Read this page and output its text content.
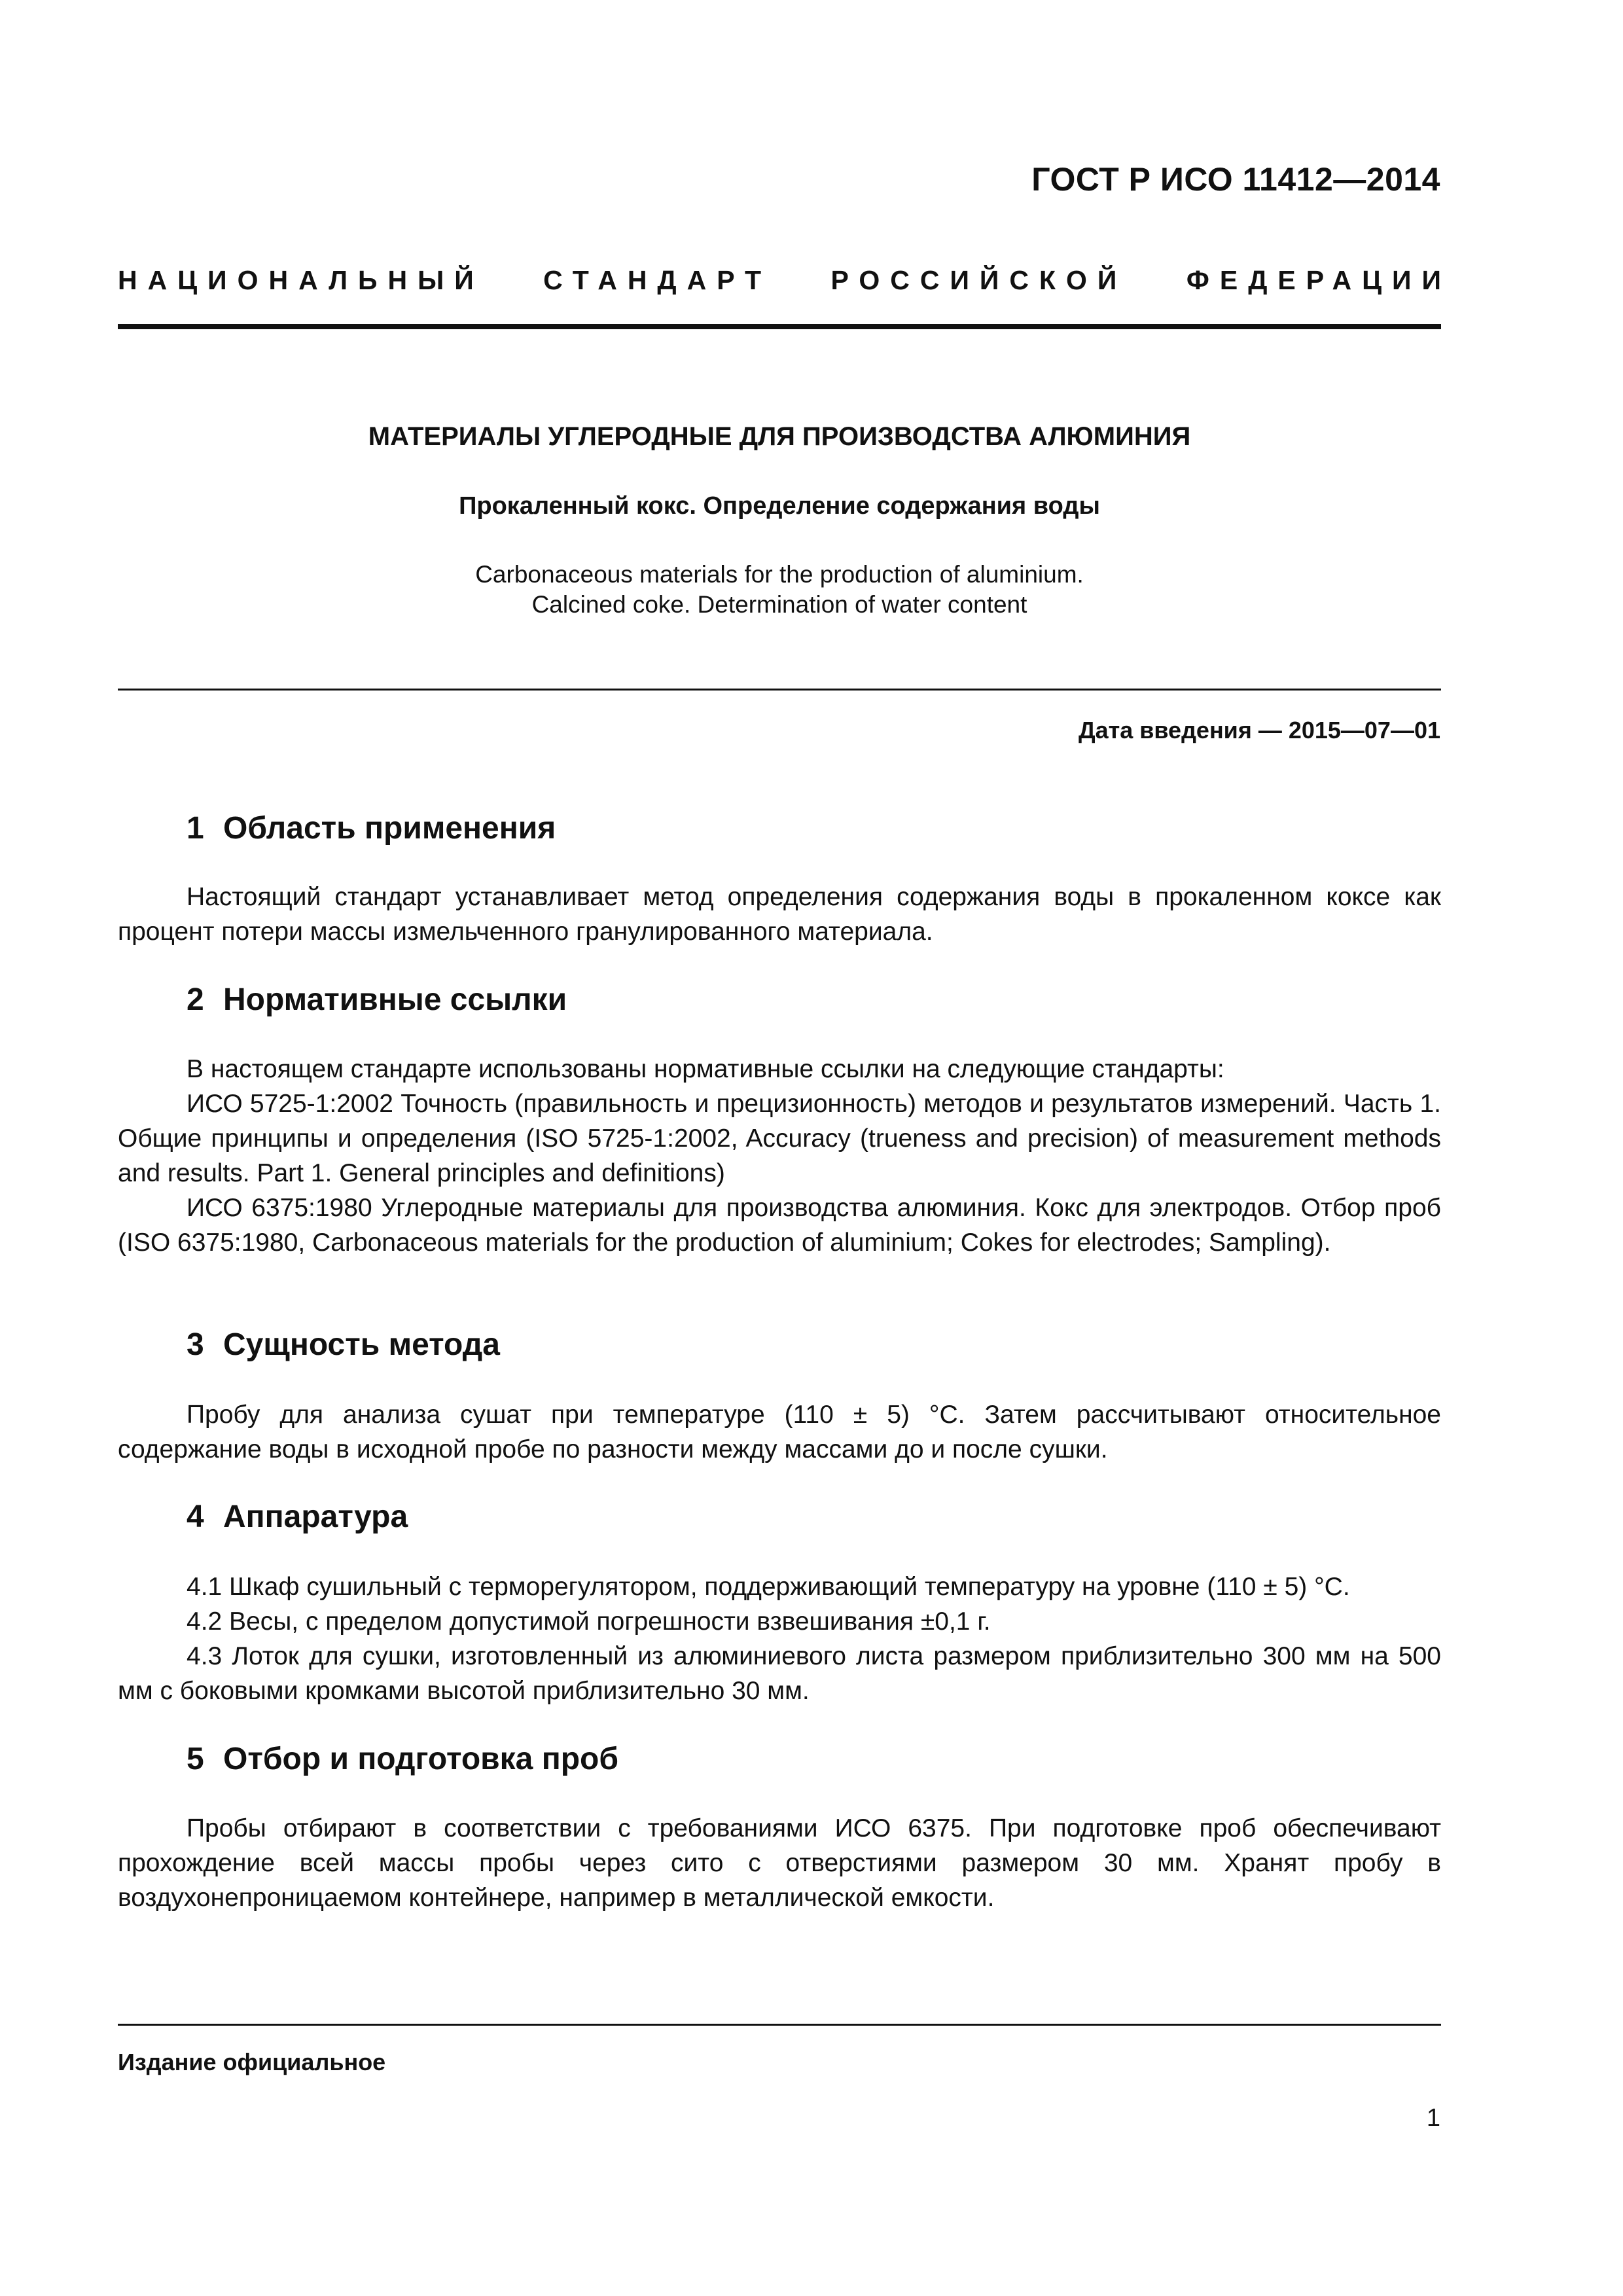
ГОСТ Р ИСО 11412—2014
НАЦИОНАЛЬНЫЙ СТАНДАРТ РОССИЙСКОЙ ФЕДЕРАЦИИ
МАТЕРИАЛЫ УГЛЕРОДНЫЕ ДЛЯ ПРОИЗВОДСТВА АЛЮМИНИЯ
Прокаленный кокс. Определение содержания воды
Carbonaceous materials for the production of aluminium.
Calcined coke. Determination of water content
Дата введения — 2015—07—01
1 Область применения

Настоящий стандарт устанавливает метод определения содержания воды в прокаленном коксе как процент потери массы измельченного гранулированного материала.

2 Нормативные ссылки

В настоящем стандарте использованы нормативные ссылки на следующие стандарты:

ИСО 5725-1:2002 Точность (правильность и прецизионность) методов и результатов измерений. Часть 1. Общие принципы и определения (ISO 5725-1:2002, Accuracy (trueness and precision) of measurement methods and results. Part 1. General principles and definitions)

ИСО 6375:1980 Углеродные материалы для производства алюминия. Кокс для электродов. Отбор проб (ISO 6375:1980, Carbonaceous materials for the production of aluminium; Cokes for electrodes; Sampling).

3 Сущность метода

Пробу для анализа сушат при температуре (110 ± 5) °С. Затем рассчитывают относительное содержание воды в исходной пробе по разности между массами до и после сушки.

4 Аппаратура

4.1 Шкаф сушильный с терморегулятором, поддерживающий температуру на уровне (110 ± 5) °С.

4.2 Весы, с пределом допустимой погрешности взвешивания ±0,1 г.

4.3 Лоток для сушки, изготовленный из алюминиевого листа размером приблизительно 300 мм на 500 мм с боковыми кромками высотой приблизительно 30 мм.

5 Отбор и подготовка проб

Пробы отбирают в соответствии с требованиями ИСО 6375. При подготовке проб обеспечивают прохождение всей массы пробы через сито с отверстиями размером 30 мм. Хранят пробу в воздухонепроницаемом контейнере, например в металлической емкости.

Издание официальное
1
